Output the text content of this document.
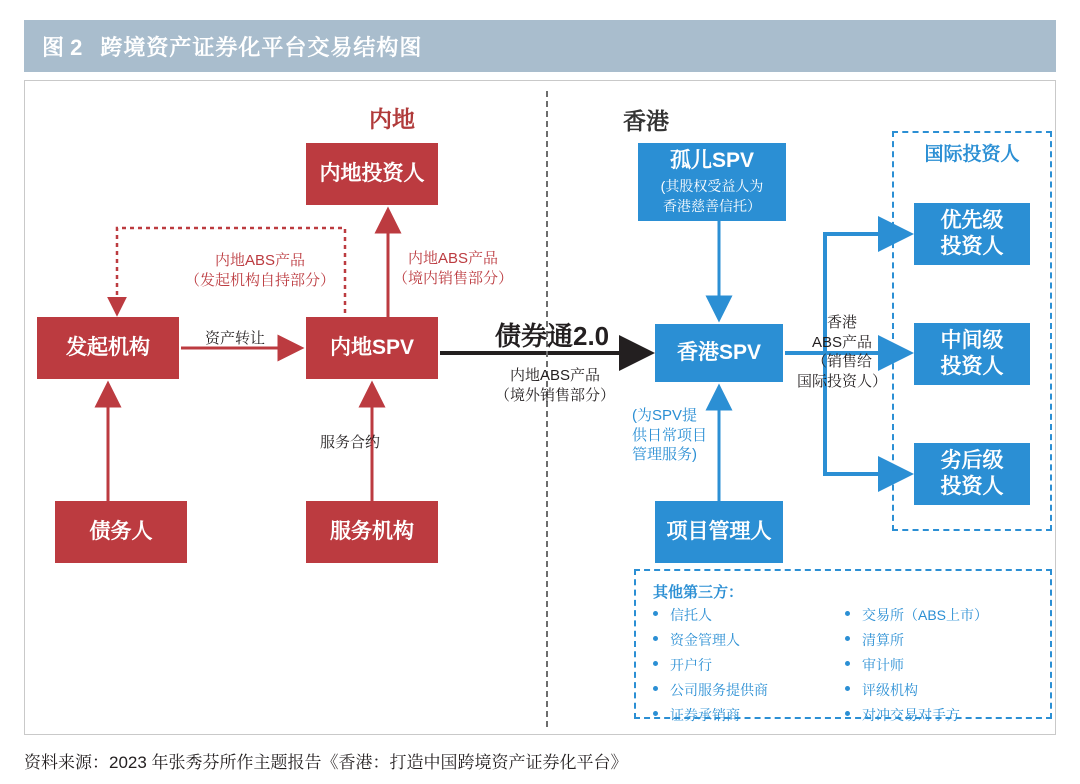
图 2 跨境资产证券化平台交易结构图
内地	香港
内地投资人
发起机构	内地SPV
债务人	服务机构
孤儿SPV
(其股权受益人为
香港慈善信托）
香港SPV
项目管理人
国际投资人
优先级
投资人
中间级
投资人
劣后级
投资人
其他第三方：
信托人
资金管理人
开户行
公司服务提供商
证券承销商
交易所（ABS上市）
清算所
审计师
评级机构
对冲交易对手方
内地ABS产品
（发起机构自持部分）
内地ABS产品
（境内销售部分）
资产转让
服务合约
债券通2.0
内地ABS产品
（境外销售部分）
香港
ABS产品
（销售给
国际投资人）
(为SPV提
供日常项目
管理服务)
资料来源：2023 年张秀芬所作主题报告《香港：打造中国跨境资产证券化平台》
